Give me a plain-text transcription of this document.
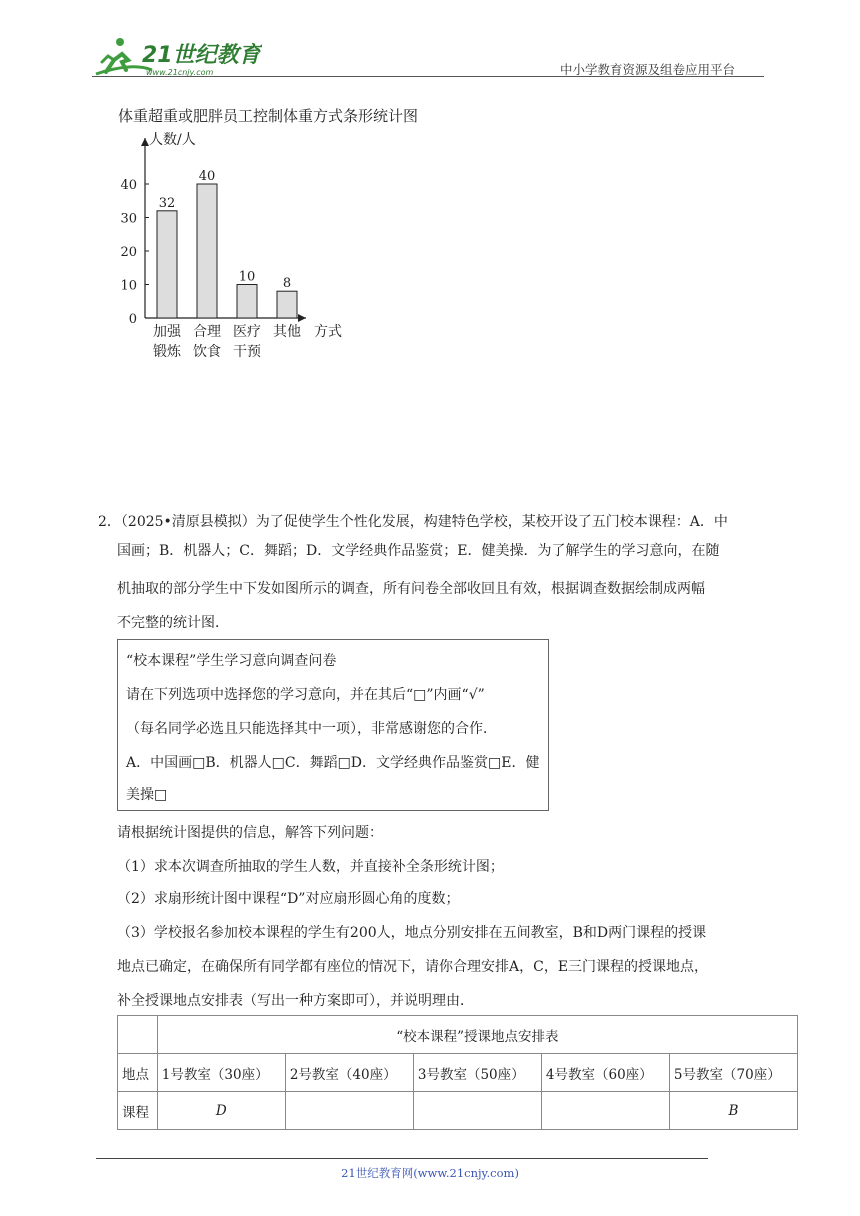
21世纪教育
www.21cnjy.com	中小学教育资源及组卷应用平台
体重超重或肥胖员工控制体重方式条形统计图
人数/人
方式
0
10
20
30
40
32
加强
锻炼
40
合理
饮食
10
医疗
干预
8
其他
2．（2025•清原县模拟）为了促使学生个性化发展，构建特色学校，某校开设了五门校本课程：A．中
国画；B．机器人；C．舞蹈；D．文学经典作品鉴赏；E．健美操．为了解学生的学习意向，在随
机抽取的部分学生中下发如图所示的调查，所有问卷全部收回且有效，根据调查数据绘制成两幅
不完整的统计图．
“校本课程”学生学习意向调查问卷
请在下列选项中选择您的学习意向，并在其后“□”内画“√”
（每名同学必选且只能选择其中一项），非常感谢您的合作．
A．中国画□B．机器人□C．舞蹈□D．文学经典作品鉴赏□E．健
美操□
请根据统计图提供的信息，解答下列问题：
（1）求本次调查所抽取的学生人数，并直接补全条形统计图；
（2）求扇形统计图中课程“D”对应扇形圆心角的度数；
（3）学校报名参加校本课程的学生有200人，地点分别安排在五间教室，B和D两门课程的授课
地点已确定，在确保所有同学都有座位的情况下，请你合理安排A，C，E三门课程的授课地点，
补全授课地点安排表（写出一种方案即可），并说明理由．
	“校本课程”授课地点安排表				
地点	1号教室（30座）	2号教室（40座）	3号教室（50座）	4号教室（60座）	5号教室（70座）
课程	D				B
21世纪教育网(www.21cnjy.com)
